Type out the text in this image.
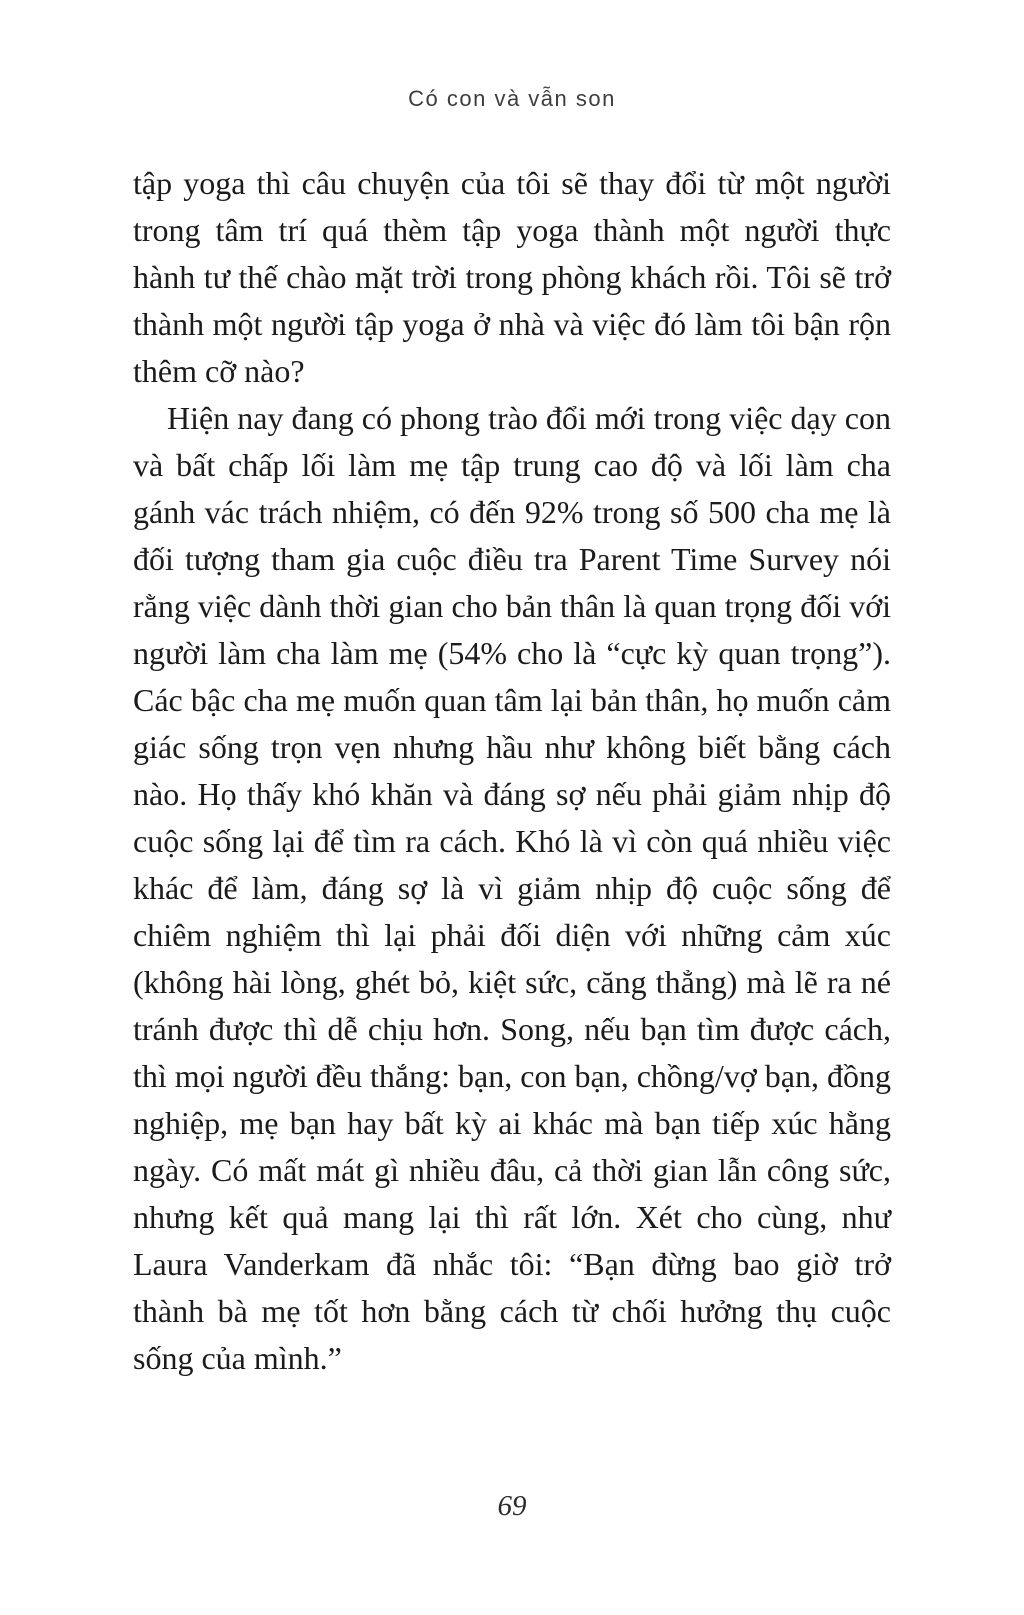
Có con và vẫn son

tập yoga thì câu chuyện của tôi sẽ thay đổi từ một người trong tâm trí quá thèm tập yoga thành một người thực hành tư thế chào mặt trời trong phòng khách rồi. Tôi sẽ trở thành một người tập yoga ở nhà và việc đó làm tôi bận rộn thêm cỡ nào?

Hiện nay đang có phong trào đổi mới trong việc dạy con và bất chấp lối làm mẹ tập trung cao độ và lối làm cha gánh vác trách nhiệm, có đến 92% trong số 500 cha mẹ là đối tượng tham gia cuộc điều tra Parent Time Survey nói rằng việc dành thời gian cho bản thân là quan trọng đối với người làm cha làm mẹ (54% cho là “cực kỳ quan trọng”). Các bậc cha mẹ muốn quan tâm lại bản thân, họ muốn cảm giác sống trọn vẹn nhưng hầu như không biết bằng cách nào. Họ thấy khó khăn và đáng sợ nếu phải giảm nhịp độ cuộc sống lại để tìm ra cách. Khó là vì còn quá nhiều việc khác để làm, đáng sợ là vì giảm nhịp độ cuộc sống để chiêm nghiệm thì lại phải đối diện với những cảm xúc (không hài lòng, ghét bỏ, kiệt sức, căng thẳng) mà lẽ ra né tránh được thì dễ chịu hơn. Song, nếu bạn tìm được cách, thì mọi người đều thắng: bạn, con bạn, chồng/vợ bạn, đồng nghiệp, mẹ bạn hay bất kỳ ai khác mà bạn tiếp xúc hằng ngày. Có mất mát gì nhiều đâu, cả thời gian lẫn công sức, nhưng kết quả mang lại thì rất lớn. Xét cho cùng, như Laura Vanderkam đã nhắc tôi: “Bạn đừng bao giờ trở thành bà mẹ tốt hơn bằng cách từ chối hưởng thụ cuộc sống của mình.”

69
